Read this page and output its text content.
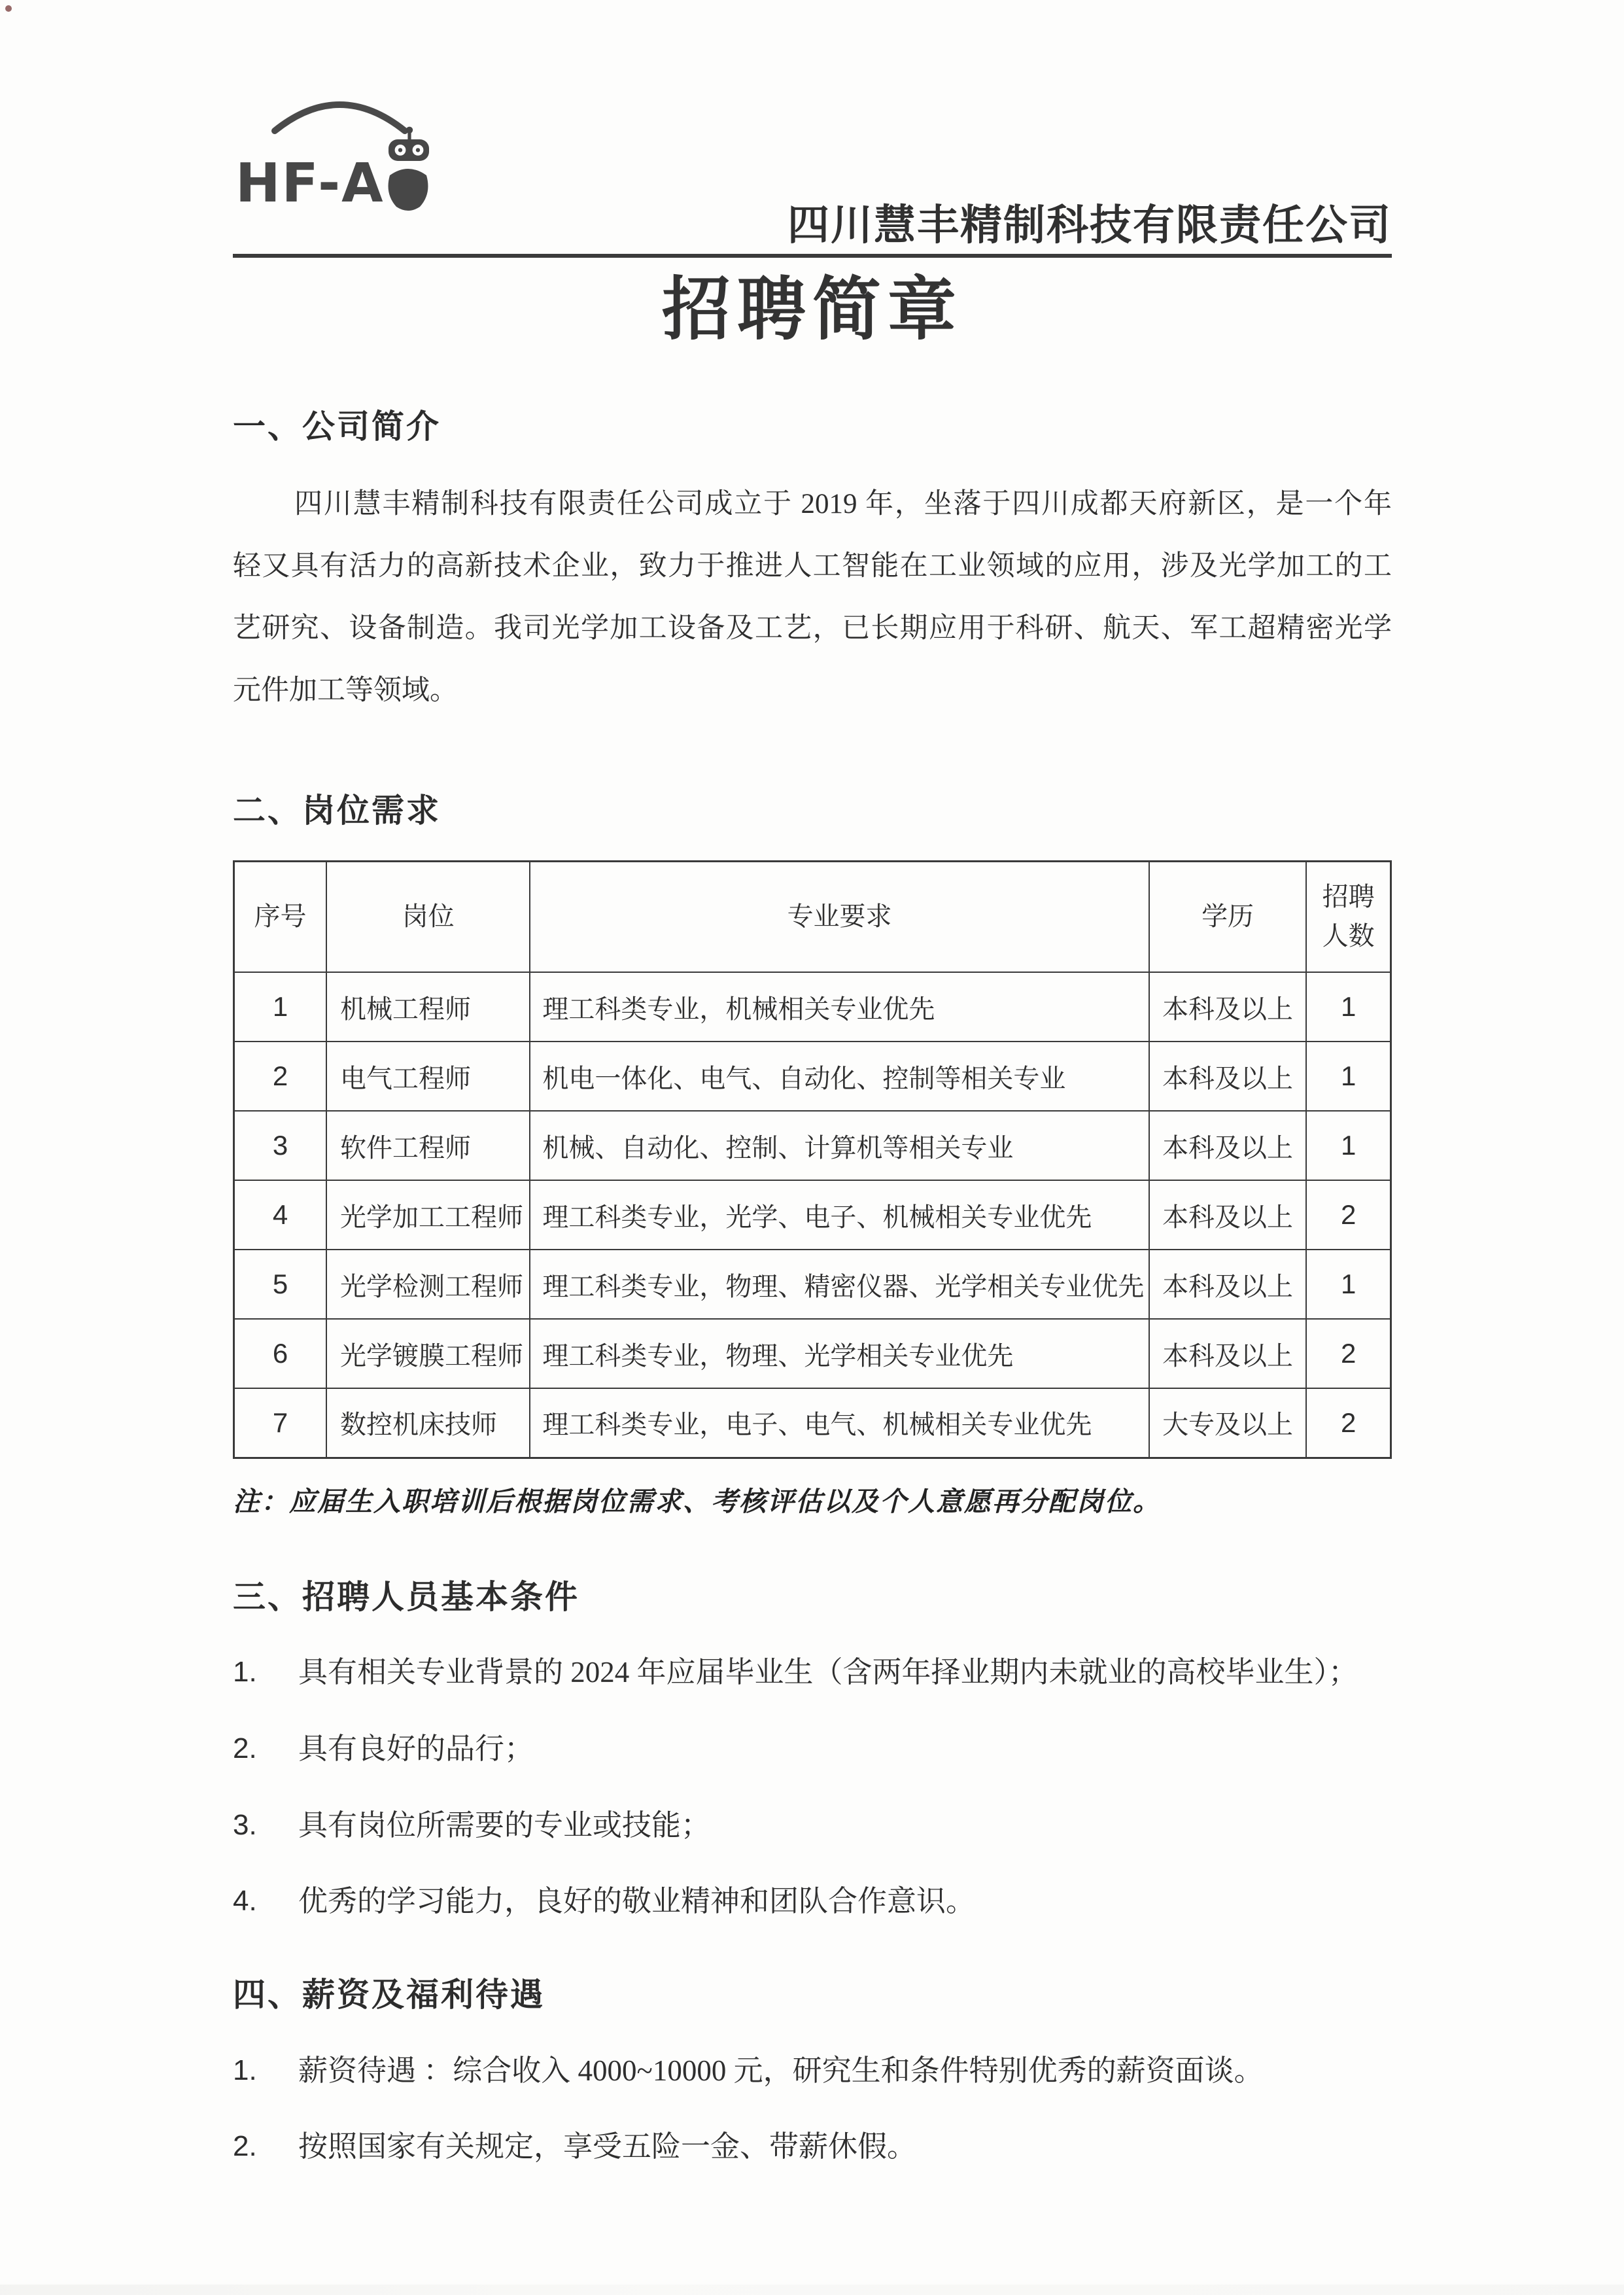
HF-A
四川慧丰精制科技有限责任公司
招聘简章
一、公司简介
四川慧丰精制科技有限责任公司成立于 2019 年，坐落于四川成都天府新区，是一个年
轻又具有活力的高新技术企业，致力于推进人工智能在工业领域的应用，涉及光学加工的工
艺研究、设备制造。我司光学加工设备及工艺，已长期应用于科研、航天、军工超精密光学
元件加工等领域。
二、岗位需求
序号	岗位	专业要求	学历	招聘人数
1	机械工程师	理工科类专业，机械相关专业优先	本科及以上	1
2	电气工程师	机电一体化、电气、自动化、控制等相关专业	本科及以上	1
3	软件工程师	机械、自动化、控制、计算机等相关专业	本科及以上	1
4	光学加工工程师	理工科类专业，光学、电子、机械相关专业优先	本科及以上	2
5	光学检测工程师	理工科类专业，物理、精密仪器、光学相关专业优先	本科及以上	1
6	光学镀膜工程师	理工科类专业，物理、光学相关专业优先	本科及以上	2
7	数控机床技师	理工科类专业，电子、电气、机械相关专业优先	大专及以上	2
注：应届生入职培训后根据岗位需求、考核评估以及个人意愿再分配岗位。
三、招聘人员基本条件
1.	具有相关专业背景的 2024 年应届毕业生（含两年择业期内未就业的高校毕业生）；
2.	具有良好的品行；
3.	具有岗位所需要的专业或技能；
4.	优秀的学习能力，良好的敬业精神和团队合作意识。
四、薪资及福利待遇
1.	薪资待遇 ：综合收入 4000~10000 元，研究生和条件特别优秀的薪资面谈。
2.	按照国家有关规定，享受五险一金、带薪休假。
